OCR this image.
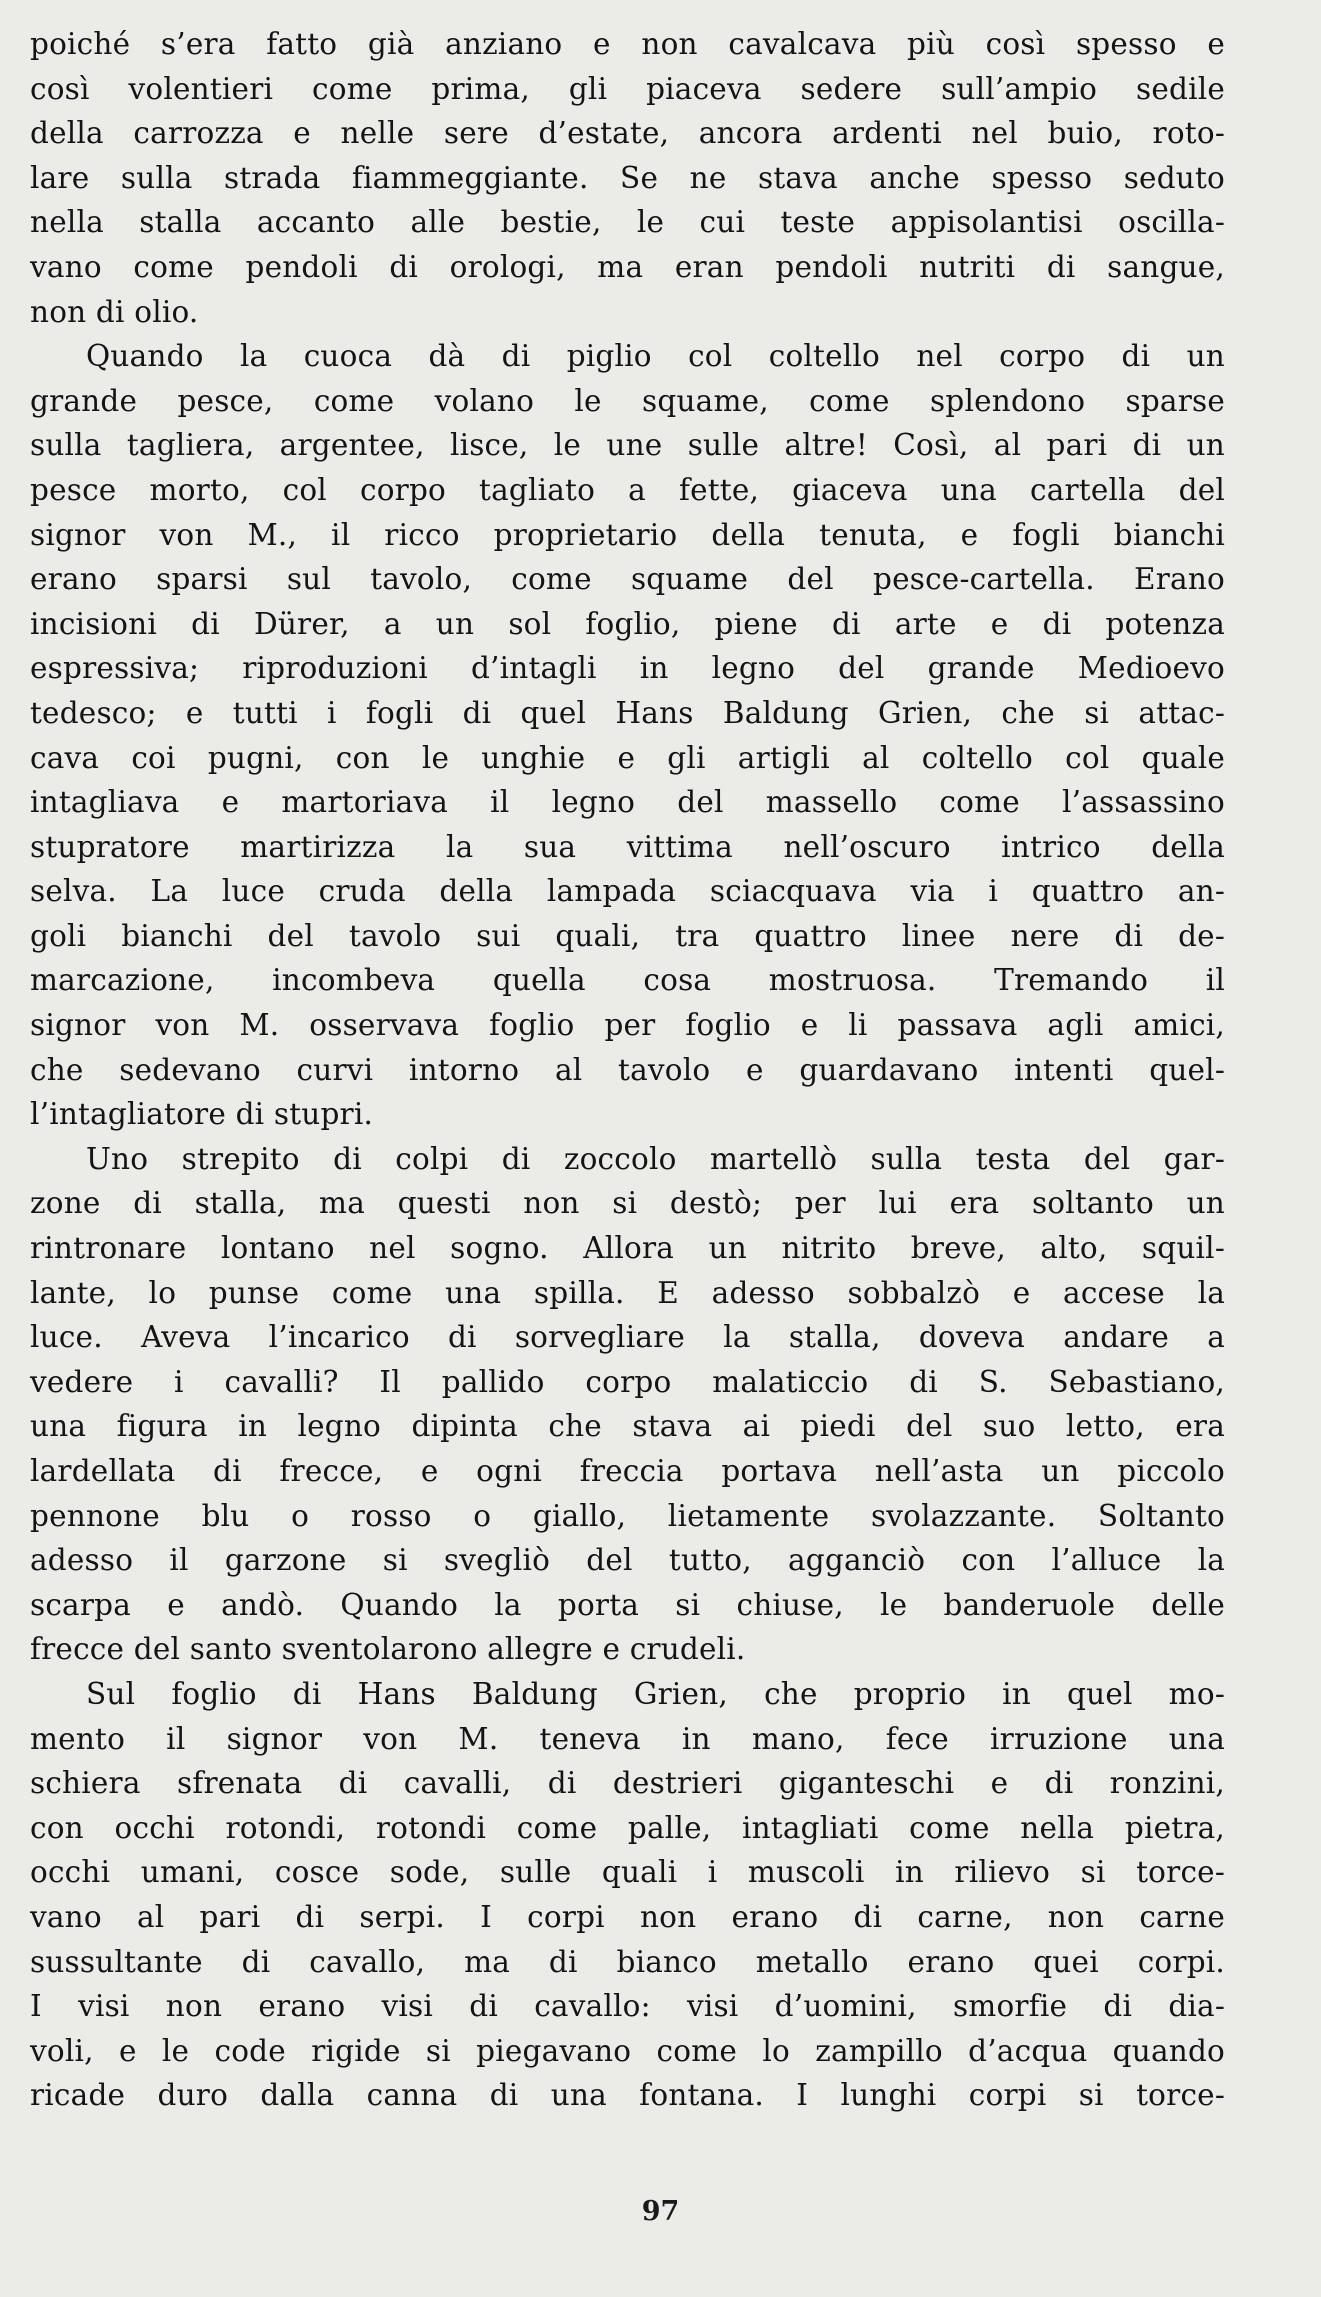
poiché s’era fatto già anziano e non cavalcava più così spesso e
così volentieri come prima, gli piaceva sedere sull’ampio sedile
della carrozza e nelle sere d’estate, ancora ardenti nel buio, roto-
lare sulla strada fiammeggiante. Se ne stava anche spesso seduto
nella stalla accanto alle bestie, le cui teste appisolantisi oscilla-
vano come pendoli di orologi, ma eran pendoli nutriti di sangue,
non di olio.
Quando la cuoca dà di piglio col coltello nel corpo di un
grande pesce, come volano le squame, come splendono sparse
sulla tagliera, argentee, lisce, le une sulle altre! Così, al pari di un
pesce morto, col corpo tagliato a fette, giaceva una cartella del
signor von M., il ricco proprietario della tenuta, e fogli bianchi
erano sparsi sul tavolo, come squame del pesce-cartella. Erano
incisioni di Dürer, a un sol foglio, piene di arte e di potenza
espressiva; riproduzioni d’intagli in legno del grande Medioevo
tedesco; e tutti i fogli di quel Hans Baldung Grien, che si attac-
cava coi pugni, con le unghie e gli artigli al coltello col quale
intagliava e martoriava il legno del massello come l’assassino
stupratore martirizza la sua vittima nell’oscuro intrico della
selva. La luce cruda della lampada sciacquava via i quattro an-
goli bianchi del tavolo sui quali, tra quattro linee nere di de-
marcazione, incombeva quella cosa mostruosa. Tremando il
signor von M. osservava foglio per foglio e li passava agli amici,
che sedevano curvi intorno al tavolo e guardavano intenti quel-
l’intagliatore di stupri.
Uno strepito di colpi di zoccolo martellò sulla testa del gar-
zone di stalla, ma questi non si destò; per lui era soltanto un
rintronare lontano nel sogno. Allora un nitrito breve, alto, squil-
lante, lo punse come una spilla. E adesso sobbalzò e accese la
luce. Aveva l’incarico di sorvegliare la stalla, doveva andare a
vedere i cavalli? Il pallido corpo malaticcio di S. Sebastiano,
una figura in legno dipinta che stava ai piedi del suo letto, era
lardellata di frecce, e ogni freccia portava nell’asta un piccolo
pennone blu o rosso o giallo, lietamente svolazzante. Soltanto
adesso il garzone si svegliò del tutto, agganciò con l’alluce la
scarpa e andò. Quando la porta si chiuse, le banderuole delle
frecce del santo sventolarono allegre e crudeli.
Sul foglio di Hans Baldung Grien, che proprio in quel mo-
mento il signor von M. teneva in mano, fece irruzione una
schiera sfrenata di cavalli, di destrieri giganteschi e di ronzini,
con occhi rotondi, rotondi come palle, intagliati come nella pietra,
occhi umani, cosce sode, sulle quali i muscoli in rilievo si torce-
vano al pari di serpi. I corpi non erano di carne, non carne
sussultante di cavallo, ma di bianco metallo erano quei corpi.
I visi non erano visi di cavallo: visi d’uomini, smorfie di dia-
voli, e le code rigide si piegavano come lo zampillo d’acqua quando
ricade duro dalla canna di una fontana. I lunghi corpi si torce-
97
